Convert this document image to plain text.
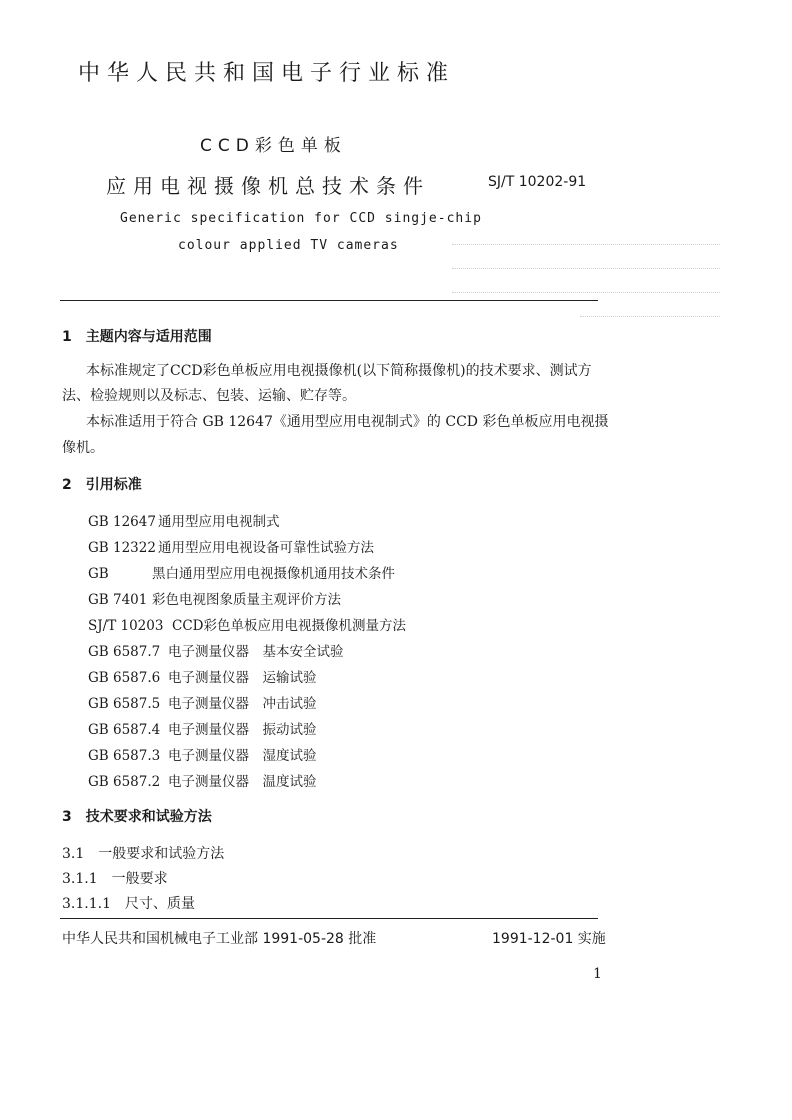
中华人民共和国电子行业标准
CCD彩色单板
应用电视摄像机总技术条件	SJ/T 10202-91
Generic specification for CCD singje-chip
colour applied TV cameras
1　主题内容与适用范围
本标准规定了CCD彩色单板应用电视摄像机(以下简称摄像机)的技术要求、测试方
法、检验规则以及标志、包装、运输、贮存等。
本标准适用于符合 GB 12647《通用型应用电视制式》的 CCD 彩色单板应用电视摄
像机。
2　引用标准
GB 12647 通用型应用电视制式
GB 12322 通用型应用电视设备可靠性试验方法
GB	黑白通用型应用电视摄像机通用技术条件
GB 7401 彩色电视图象质量主观评价方法
SJ/T 10203 CCD彩色单板应用电视摄像机测量方法
GB 6587.7 电子测量仪器　基本安全试验
GB 6587.6 电子测量仪器　运输试验
GB 6587.5 电子测量仪器　冲击试验
GB 6587.4 电子测量仪器　振动试验
GB 6587.3 电子测量仪器　湿度试验
GB 6587.2 电子测量仪器　温度试验
3　技术要求和试验方法
3.1　一般要求和试验方法
3.1.1　一般要求
3.1.1.1　尺寸、质量
中华人民共和国机械电子工业部 1991-05-28 批准	1991-12-01 实施
1
